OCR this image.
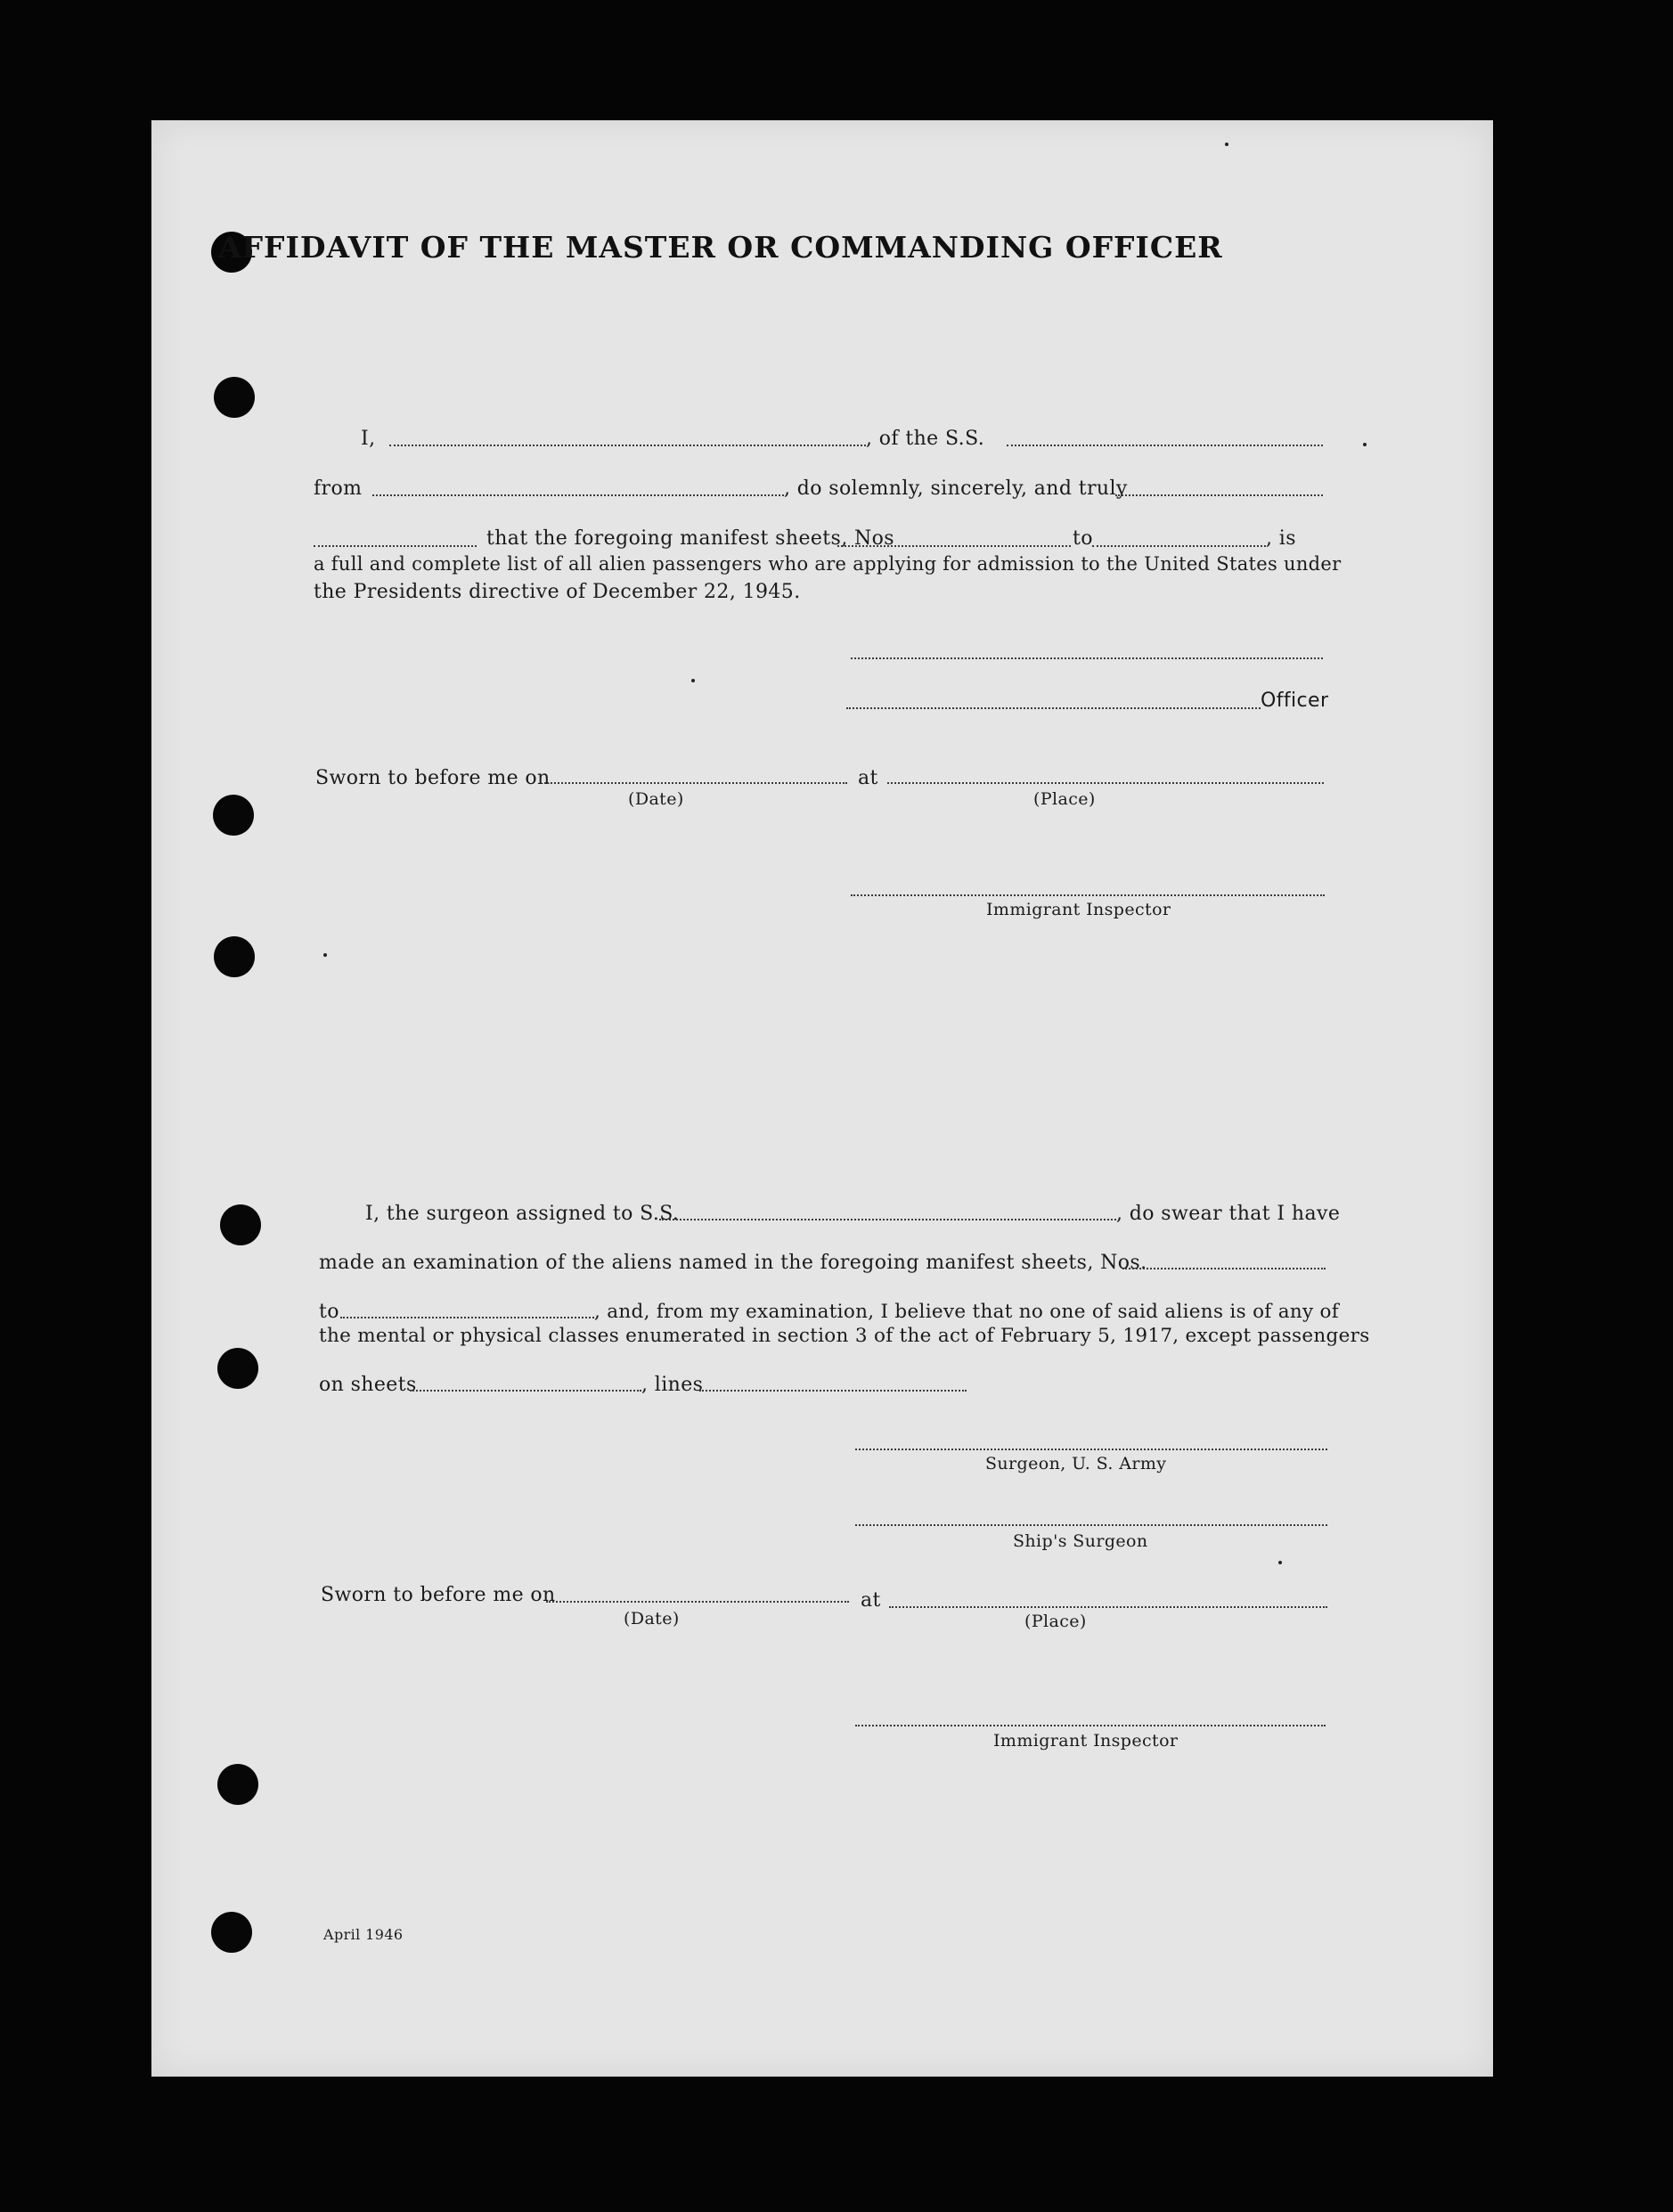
AFFIDAVIT OF THE MASTER OR COMMANDING OFFICER
I,	, of the S.S.
from	, do solemnly, sincerely, and truly
that the foregoing manifest sheets, Nos	to	, is
a full and complete list of all alien passengers who are applying for admission to the United States under
the Presidents directive of December 22, 1945.
Officer
Sworn to before me on	at
(Date)	(Place)
Immigrant Inspector
I, the surgeon assigned to S.S.	, do swear that I have
made an examination of the aliens named in the foregoing manifest sheets, Nos.
to	, and, from my examination, I believe that no one of said aliens is of any of
the mental or physical classes enumerated in section 3 of the act of February 5, 1917, except passengers
on sheets	, lines
Surgeon, U. S. Army
Ship's Surgeon
Sworn to before me on	at
(Date)	(Place)
Immigrant Inspector
April 1946
